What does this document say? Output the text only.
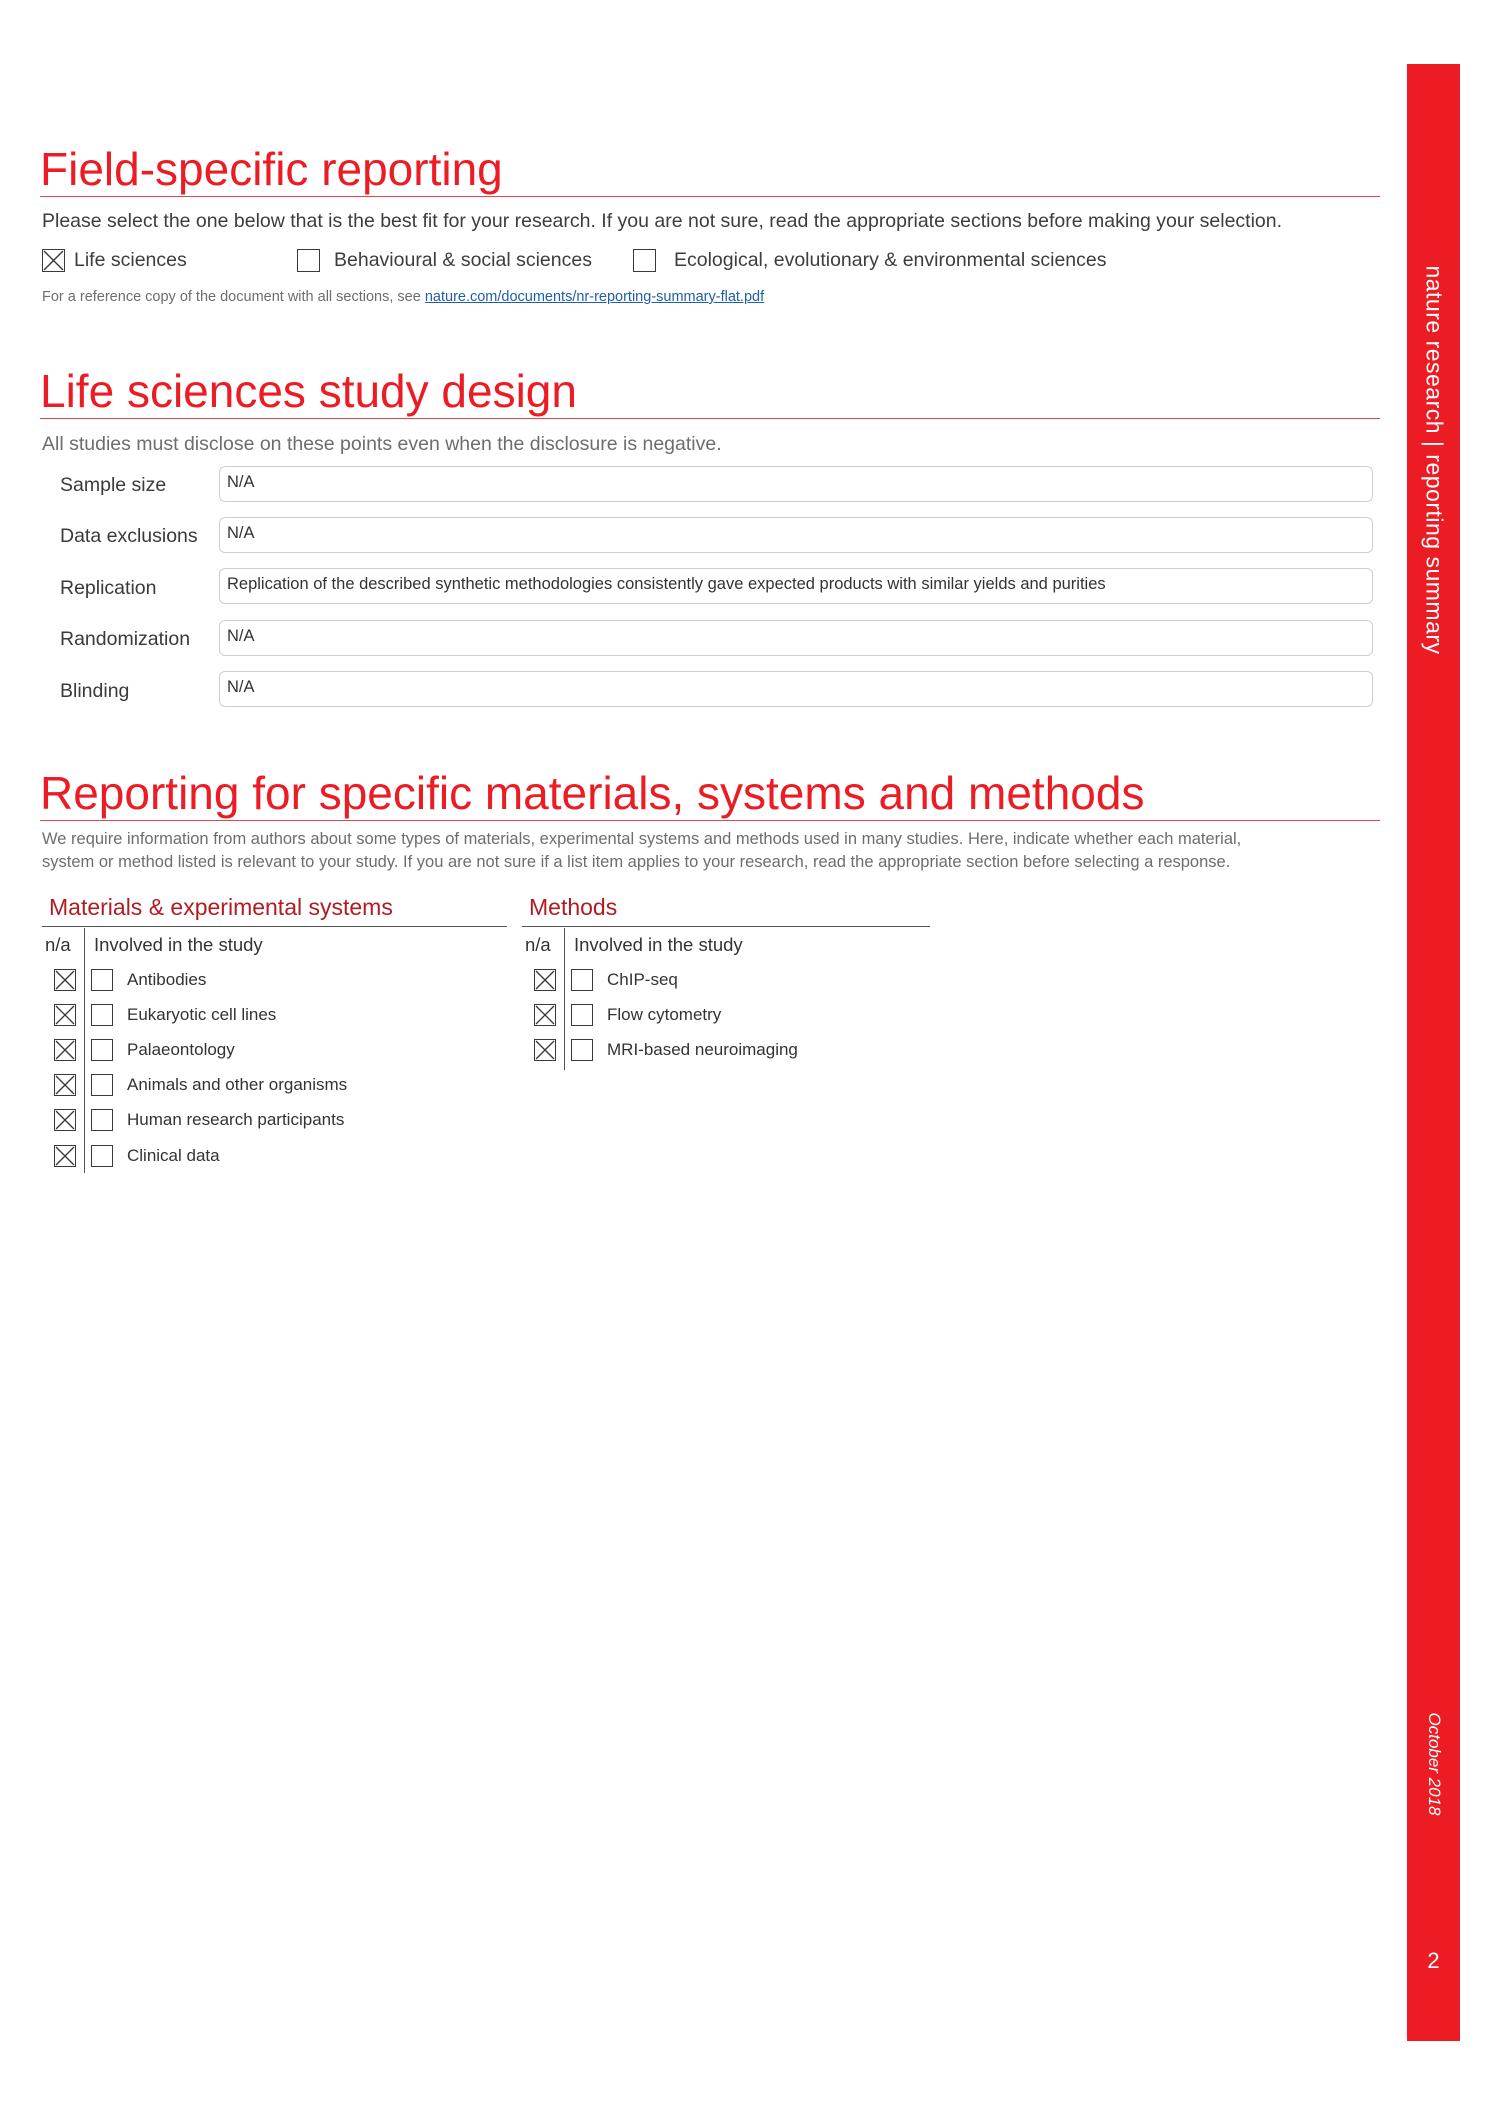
nature research | reporting summary
October 2018
2
Field-specific reporting
Please select the one below that is the best fit for your research. If you are not sure, read the appropriate sections before making your selection.
Life sciences	Behavioural & social sciences	Ecological, evolutionary & environmental sciences
For a reference copy of the document with all sections, see nature.com/documents/nr-reporting-summary-flat.pdf
Life sciences study design
All studies must disclose on these points even when the disclosure is negative.
Sample size	N/A
Data exclusions	N/A
Replication	Replication of the described synthetic methodologies consistently gave expected products with similar yields and purities
Randomization	N/A
Blinding	N/A
Reporting for specific materials, systems and methods
We require information from authors about some types of materials, experimental systems and methods used in many studies. Here, indicate whether each material,
system or method listed is relevant to your study. If you are not sure if a list item applies to your research, read the appropriate section before selecting a response.
Materials & experimental systems
n/a Involved in the study
Antibodies
Eukaryotic cell lines
Palaeontology
Animals and other organisms
Human research participants
Clinical data
Methods
n/a Involved in the study
ChIP-seq
Flow cytometry
MRI-based neuroimaging
